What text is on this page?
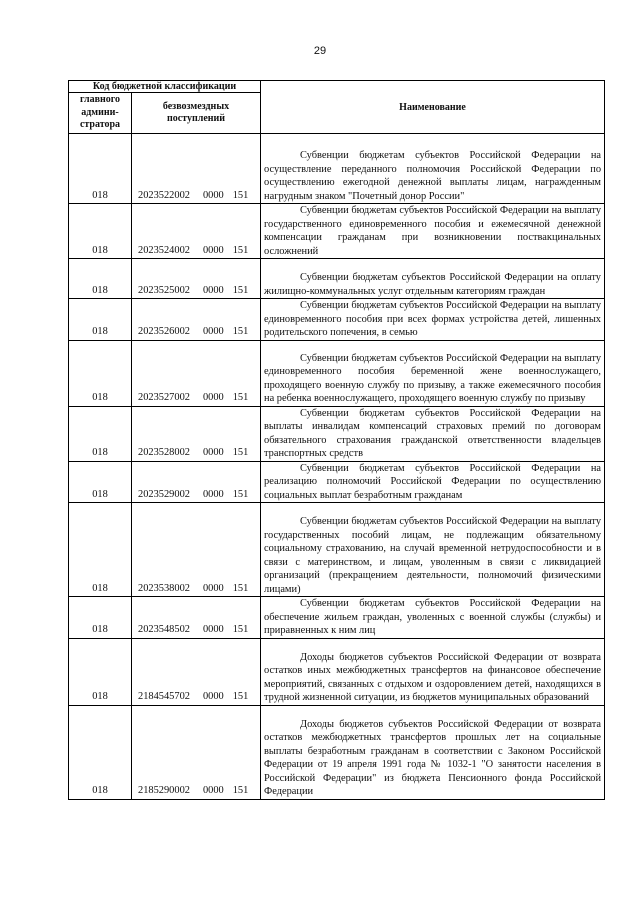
29
Код бюджетной классификации		Наименование
главного админи-стратора	безвозмездных поступлений	
018	2023522002 0000 151	Субвенции бюджетам субъектов Российской Федерации на осуществление переданного полномочия Российской Федерации по осуществлению ежегодной денежной выплаты лицам, награжденным нагрудным знаком "Почетный донор России"
018	2023524002 0000 151	Субвенции бюджетам субъектов Российской Федерации на выплату государственного единовременного пособия и ежемесячной денежной компенсации гражданам при возникновении поствакцинальных осложнений
018	2023525002 0000 151	Субвенции бюджетам субъектов Российской Федерации на оплату жилищно-коммунальных услуг отдельным категориям граждан
018	2023526002 0000 151	Субвенции бюджетам субъектов Российской Федерации на выплату единовременного пособия при всех формах устройства детей, лишенных родительского попечения, в семью
018	2023527002 0000 151	Субвенции бюджетам субъектов Российской Федерации на выплату единовременного пособия беременной жене военнослужащего, проходящего военную службу по призыву, а также ежемесячного пособия на ребенка военнослужащего, проходящего военную службу по призыву
018	2023528002 0000 151	Субвенции бюджетам субъектов Российской Федерации на выплаты инвалидам компенсаций страховых премий по договорам обязательного страхования гражданской ответственности владельцев транспортных средств
018	2023529002 0000 151	Субвенции бюджетам субъектов Российской Федерации на реализацию полномочий Российской Федерации по осуществлению социальных выплат безработным гражданам
018	2023538002 0000 151	Субвенции бюджетам субъектов Российской Федерации на выплату государственных пособий лицам, не подлежащим обязательному социальному страхованию, на случай временной нетрудоспособности и в связи с материнством, и лицам, уволенным в связи с ликвидацией организаций (прекращением деятельности, полномочий физическими лицами)
018	2023548502 0000 151	Субвенции бюджетам субъектов Российской Федерации на обеспечение жильем граждан, уволенных с военной службы (службы) и приравненных к ним лиц
018	2184545702 0000 151	Доходы бюджетов субъектов Российской Федерации от возврата остатков иных межбюджетных трансфертов на финансовое обеспечение мероприятий, связанных с отдыхом и оздоровлением детей, находящихся в трудной жизненной ситуации, из бюджетов муниципальных образований
018	2185290002 0000 151	Доходы бюджетов субъектов Российской Федерации от возврата остатков межбюджетных трансфертов прошлых лет на социальные выплаты безработным гражданам в соответствии с Законом Российской Федерации от 19 апреля 1991 года № 1032-1 "О занятости населения в Российской Федерации" из бюджета Пенсионного фонда Российской Федерации
